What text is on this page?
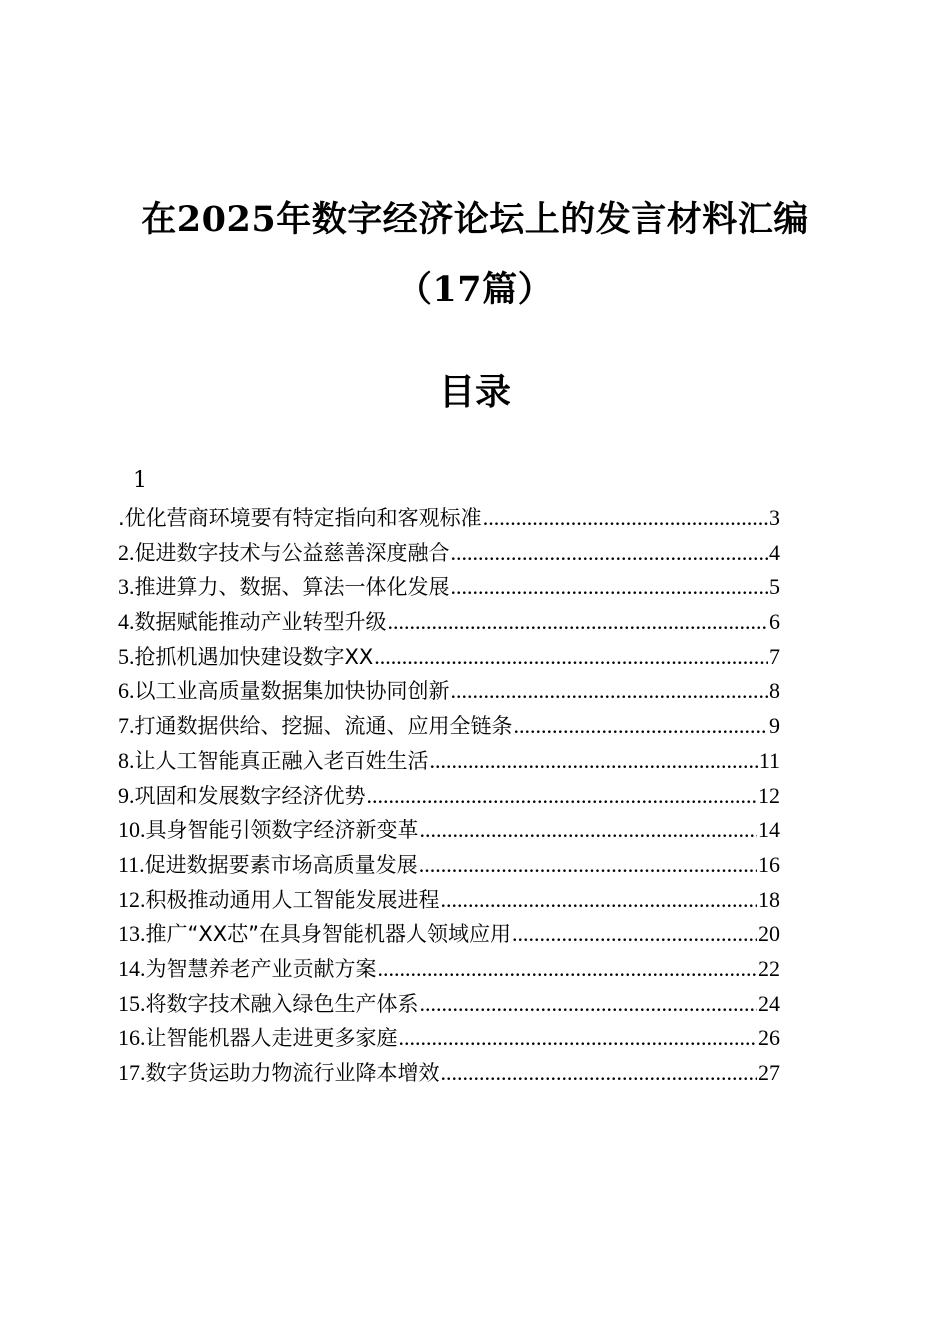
在2025年数字经济论坛上的发言材料汇编
（17篇）
目录
1
.优化营商环境要有特定指向和客观标准 .....	3
2. 促进数字技术与公益慈善深度融合 .....	4
3. 推进算力、数据、算法一体化发展 .....	5
4. 数据赋能推动产业转型升级 .....	6
5. 抢抓机遇加快建设数字XX .....	7
6. 以工业高质量数据集加快协同创新 .....	8
7. 打通数据供给、挖掘、流通、应用全链条 .....	9
8. 让人工智能真正融入老百姓生活 .....	11
9. 巩固和发展数字经济优势 .....	12
10. 具身智能引领数字经济新变革 .....	14
11. 促进数据要素市场高质量发展 .....	16
12. 积极推动通用人工智能发展进程 .....	18
13. 推广“XX芯”在具身智能机器人领域应用 .....	20
14. 为智慧养老产业贡献方案 .....	22
15. 将数字技术融入绿色生产体系 .....	24
16. 让智能机器人走进更多家庭 .....	26
17. 数字货运助力物流行业降本增效 .....	27
